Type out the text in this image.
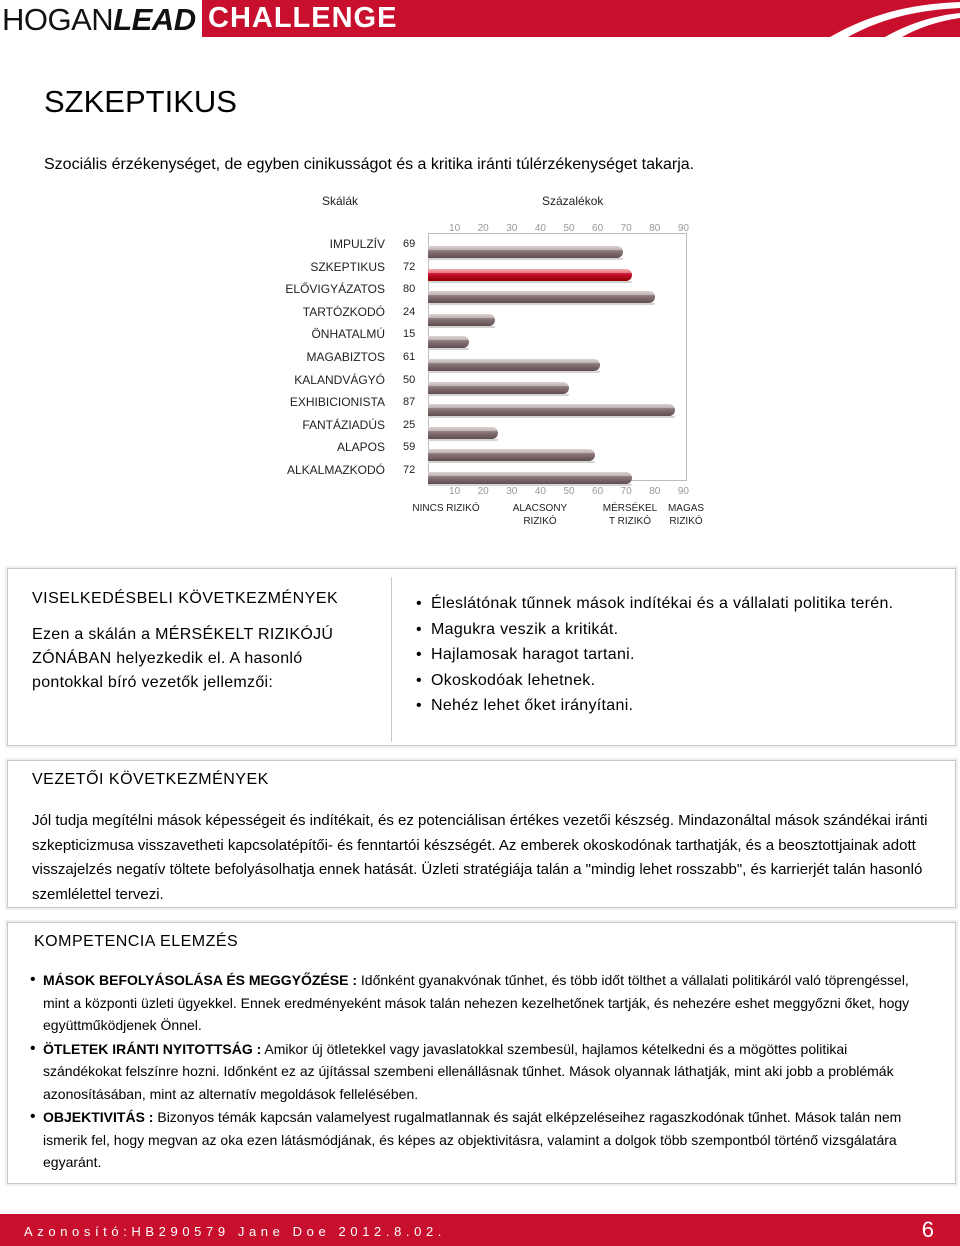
HOGANLEAD CHALLENGE
SZKEPTIKUS
Szociális érzékenységet, de egyben cinikusságot és a kritika iránti túlérzékenységet takarja.
Skálák	Százalékok
10
10
20
20
30
30
40
40
50
50
60
60
70
70
80
80
90
90
IMPULZÍV 69
SZKEPTIKUS 72
ELŐVIGYÁZATOS 80
TARTÓZKODÓ 24
ÖNHATALMÚ 15
MAGABIZTOS 61
KALANDVÁGYÓ 50
EXHIBICIONISTA 87
FANTÁZIADÚS 25
ALAPOS 59
ALKALMAZKODÓ 72
NINCS RIZIKÓ	ALACSONY
RIZIKÓ
MÉRSÉKEL
T RIZIKÓ
MAGAS
RIZIKÓ
VISELKEDÉSBELI KÖVETKEZMÉNYEK

Ezen a skálán a MÉRSÉKELT RIZIKÓJÚ ZÓNÁBAN helyezkedik el. A hasonló pontokkal bíró vezetők jellemzői:

• Éleslátónak tűnnek mások indítékai és a vállalati politika terén.
• Magukra veszik a kritikát.
• Hajlamosak haragot tartani.
• Okoskodóak lehetnek.
• Nehéz lehet őket irányítani.
VEZETŐI KÖVETKEZMÉNYEK
Jól tudja megítélni mások képességeit és indítékait, és ez potenciálisan értékes vezetői készség. Mindazonáltal mások szándékai iránti szkepticizmusa visszavetheti kapcsolatépítői- és fenntartói készségét. Az emberek okoskodónak tarthatják, és a beosztottjainak adott visszajelzés negatív töltete befolyásolhatja ennek hatását. Üzleti stratégiája talán a "mindig lehet rosszabb", és karrierjét talán hasonló szemlélettel tervezi.
KOMPETENCIA ELEMZÉS
• MÁSOK BEFOLYÁSOLÁSA ÉS MEGGYŐZÉSE : Időnként gyanakvónak tűnhet, és több időt tölthet a vállalati politikáról való töprengéssel, mint a központi üzleti ügyekkel. Ennek eredményeként mások talán nehezen kezelhetőnek tartják, és nehezére eshet meggyőzni őket, hogy együttműködjenek Önnel.
• ÖTLETEK IRÁNTI NYITOTTSÁG : Amikor új ötletekkel vagy javaslatokkal szembesül, hajlamos kételkedni és a mögöttes politikai szándékokat felszínre hozni. Időnként ez az újítással szembeni ellenállásnak tűnhet. Mások olyannak láthatják, mint aki jobb a problémák azonosításában, mint az alternatív megoldások fellelésében.
• OBJEKTIVITÁS : Bizonyos témák kapcsán valamelyest rugalmatlannak és saját elképzeléseihez ragaszkodónak tűnhet. Mások talán nem ismerik fel, hogy megvan az oka ezen látásmódjának, és képes az objektivitásra, valamint a dolgok több szempontból történő vizsgálatára egyaránt.
Azonosító:HB290579 Jane Doe 2012.8.02.	6
